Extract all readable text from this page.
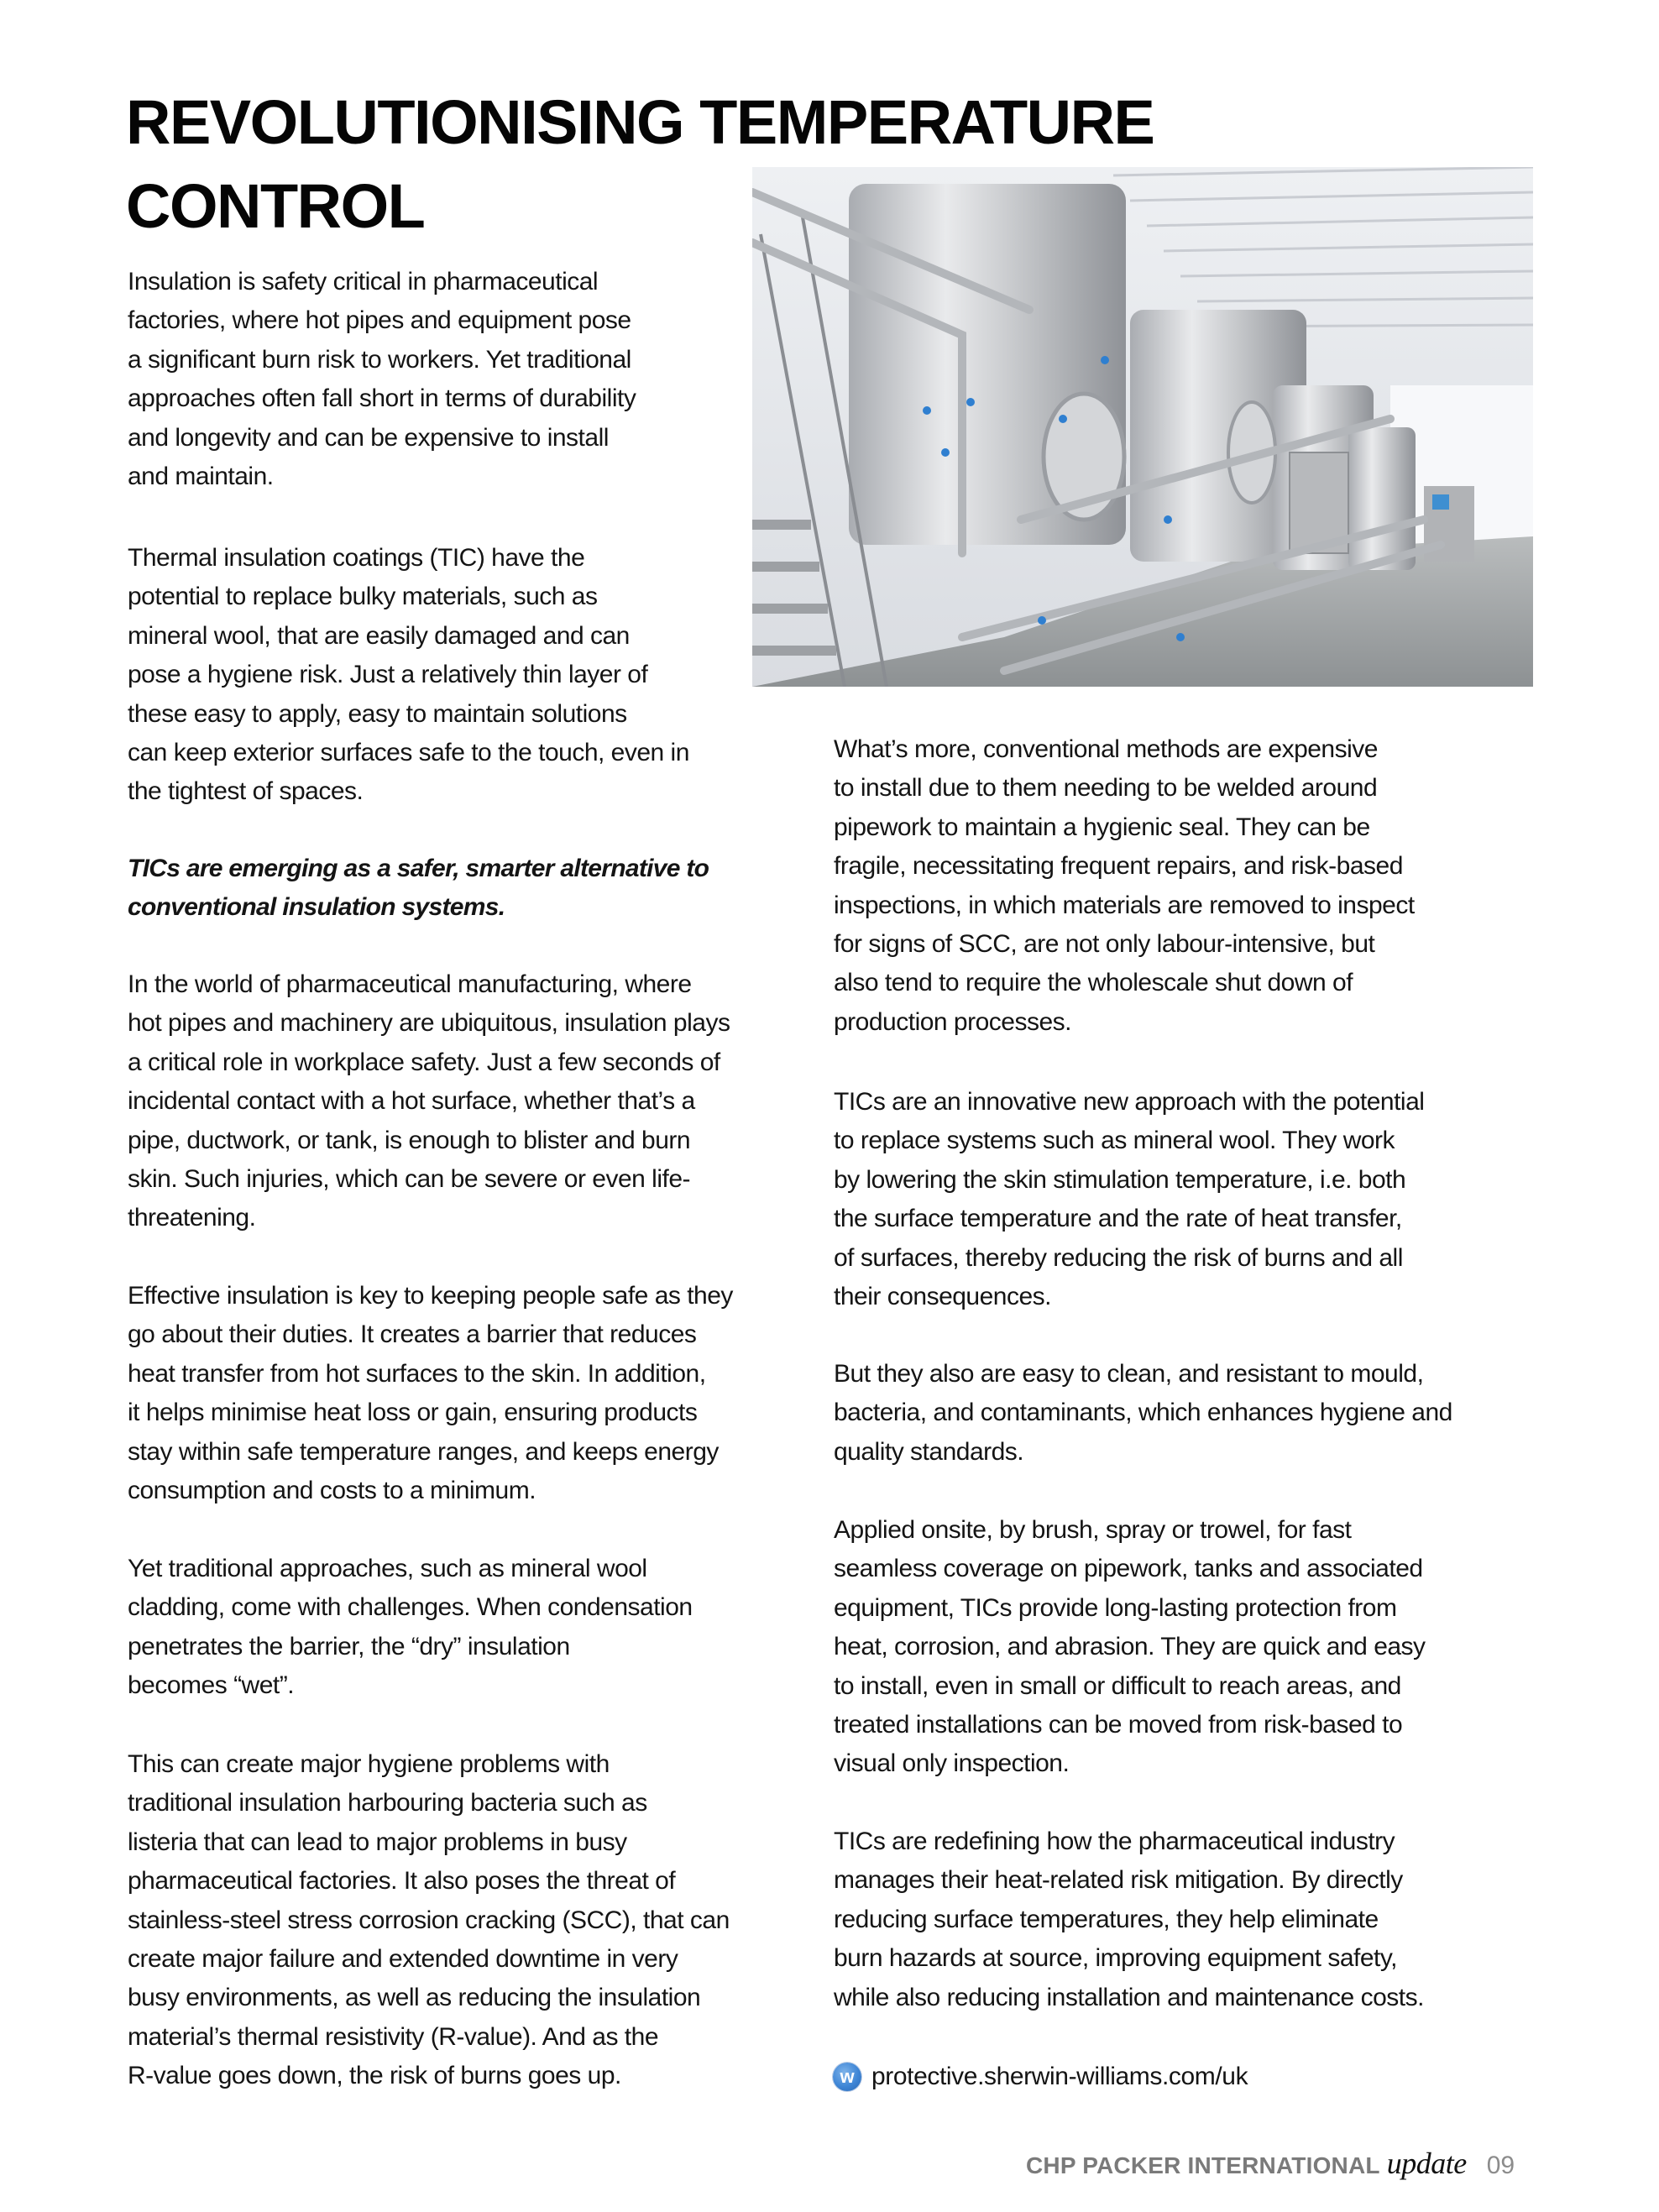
REVOLUTIONISING TEMPERATURE
CONTROL
Insulation is safety critical in pharmaceutical
factories, where hot pipes and equipment pose
a significant burn risk to workers. Yet traditional
approaches often fall short in terms of durability
and longevity and can be expensive to install
and maintain.
Thermal insulation coatings (TIC) have the
potential to replace bulky materials, such as
mineral wool, that are easily damaged and can
pose a hygiene risk. Just a relatively thin layer of
these easy to apply, easy to maintain solutions
can keep exterior surfaces safe to the touch, even in
the tightest of spaces.
TICs are emerging as a safer, smarter alternative to
conventional insulation systems.
In the world of pharmaceutical manufacturing, where
hot pipes and machinery are ubiquitous, insulation plays
a critical role in workplace safety. Just a few seconds of
incidental contact with a hot surface, whether that’s a
pipe, ductwork, or tank, is enough to blister and burn
skin. Such injuries, which can be severe or even life-
threatening.
Effective insulation is key to keeping people safe as they
go about their duties. It creates a barrier that reduces
heat transfer from hot surfaces to the skin. In addition,
it helps minimise heat loss or gain, ensuring products
stay within safe temperature ranges, and keeps energy
consumption and costs to a minimum.
Yet traditional approaches, such as mineral wool
cladding, come with challenges. When condensation
penetrates the barrier, the “dry” insulation
becomes “wet”.
This can create major hygiene problems with
traditional insulation harbouring bacteria such as
listeria that can lead to major problems in busy
pharmaceutical factories. It also poses the threat of
stainless-steel stress corrosion cracking (SCC), that can
create major failure and extended downtime in very
busy environments, as well as reducing the insulation
material’s thermal resistivity (R-value). And as the
R-value goes down, the risk of burns goes up.
What’s more, conventional methods are expensive
to install due to them needing to be welded around
pipework to maintain a hygienic seal. They can be
fragile, necessitating frequent repairs, and risk-based
inspections, in which materials are removed to inspect
for signs of SCC, are not only labour-intensive, but
also tend to require the wholescale shut down of
production processes.
TICs are an innovative new approach with the potential
to replace systems such as mineral wool. They work
by lowering the skin stimulation temperature, i.e. both
the surface temperature and the rate of heat transfer,
of surfaces, thereby reducing the risk of burns and all
their consequences.
But they also are easy to clean, and resistant to mould,
bacteria, and contaminants, which enhances hygiene and
quality standards.
Applied onsite, by brush, spray or trowel, for fast
seamless coverage on pipework, tanks and associated
equipment, TICs provide long-lasting protection from
heat, corrosion, and abrasion. They are quick and easy
to install, even in small or difficult to reach areas, and
treated installations can be moved from risk-based to
visual only inspection.
TICs are redefining how the pharmaceutical industry
manages their heat-related risk mitigation. By directly
reducing surface temperatures, they help eliminate
burn hazards at source, improving equipment safety,
while also reducing installation and maintenance costs.
w protective.sherwin-williams.com/uk
CHP PACKER INTERNATIONAL update 09
